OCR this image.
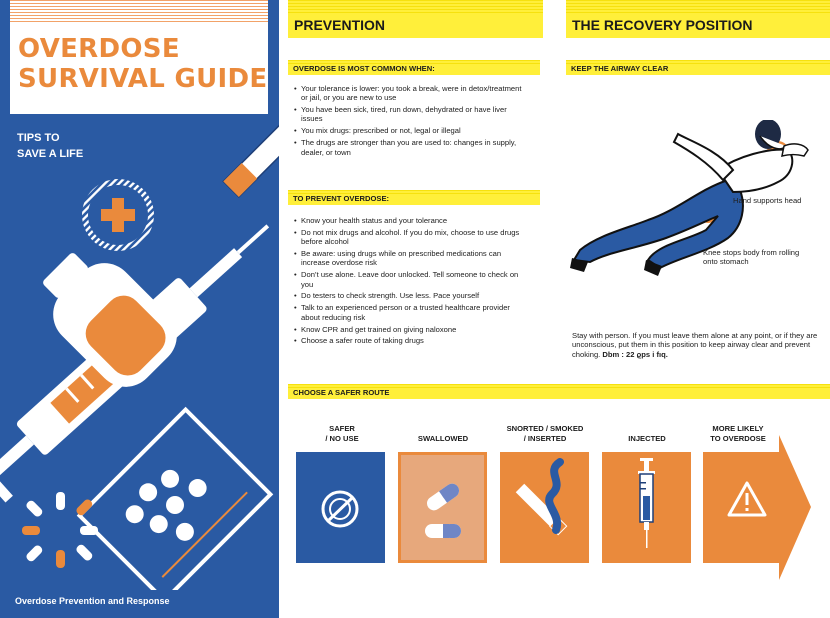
OVERDOSE
SURVIVAL GUIDE
TIPS TO
SAVE A LIFE
Overdose Prevention and Response
PREVENTION
OVERDOSE IS MOST COMMON WHEN:
• Your tolerance is lower: you took a break, were in detox/treatment or jail, or you are new to use
• You have been sick, tired, run down, dehydrated or have liver issues
• You mix drugs: prescribed or not, legal or illegal
• The drugs are stronger than you are used to: changes in supply, dealer, or town
TO PREVENT OVERDOSE:
• Know your health status and your tolerance
• Do not mix drugs and alcohol. If you do mix, choose to use drugs before alcohol
• Be aware: using drugs while on prescribed medications can increase overdose risk
• Don’t use alone. Leave door unlocked. Tell someone to check on you
• Do testers to check strength. Use less. Pace yourself
• Talk to an experienced person or a trusted healthcare provider about reducing risk
• Know CPR and get trained on giving naloxone
• Choose a safer route of taking drugs
THE RECOVERY POSITION
KEEP THE AIRWAY CLEAR
Hand supports head
Knee stops body from rolling onto stomach
Stay with person. If you must leave them alone at any point, or if they are unconscious, put them in this position to keep airway clear and prevent choking. Dbm : 22 ϱps i fıq.
CHOOSE A SAFER ROUTE
SAFER
/ NO USE	SWALLOWED
SNORTED / SMOKED
/ INSERTED	INJECTED
MORE LIKELY
TO OVERDOSE
